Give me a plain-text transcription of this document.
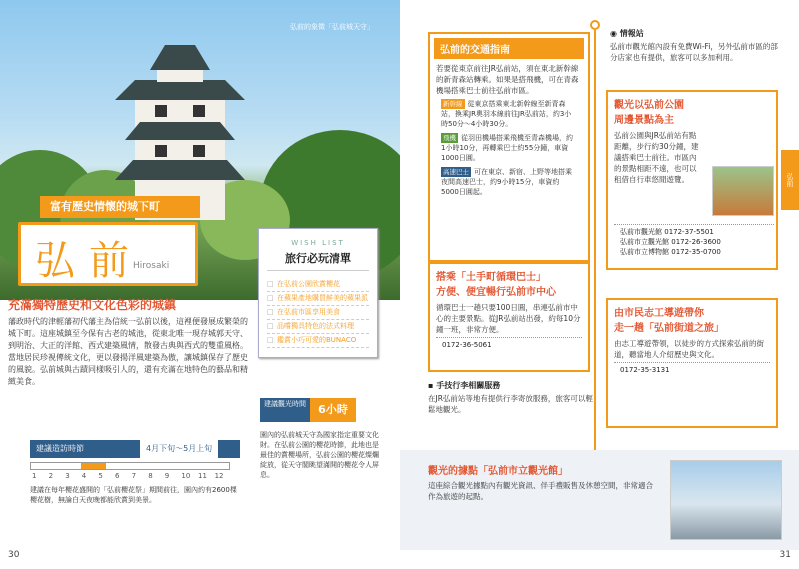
弘前的象徵「弘前城天守」
富有歷史情懷的城下町
弘前
Hirosaki
WISH LIST
旅行必玩清單
□ 在弘前公園欣賞櫻花
□ 在蘋果產地購買鮮美的蘋果派
□ 在弘前市區享用美食
□ 品嚐獨具特色的法式料理
□ 鑑賞小巧可愛的BUNACO
充滿獨特歷史和文化色彩的城鎮
藩政時代的津輕藩初代藩主為信統一弘前以後，這裡便發展成繁榮的城下町。這座城鎮至今保有古老的城池，從東北唯一現存城郭天守、到明治、大正的洋館、西式建築風情，散發古典與西式的雙重風格。當地居民珍視傳統文化，更以發揚洋風建築為傲，讓城鎮保存了歷史的風貌。弘前城與古蹟同樣吸引人的，還有充滿在地特色的藝品和精緻美食。
建議觀光時間	6小時
建議造訪時節	4月下旬～5月上旬
1 2 3 4 5 6 7 8 9 10 11 12
園內的弘前城天守為國家指定重要文化財。在弘前公園的櫻花時節，此地也是最佳的賞櫻場所，弘前公園的櫻花燦爛綻放，從天守閣眺望滿開的櫻花令人屏息。
建議在每年櫻花盛開的「弘前櫻花祭」期間前往，園內約有2600棵櫻花樹，無論白天夜晚都能欣賞到美景。
30
弘前的交通指南
若要從東京前往JR弘前站，須在東北新幹線的新青森站轉乘。如果是搭飛機，可在青森機場搭乘巴士前往弘前市區。
新幹線 從東京搭乘東北新幹線至新青森站，換乘JR奧羽本線前往JR弘前站，約3小時50分～4小時30分。
飛機 從羽田機場搭乘飛機至青森機場，約1小時10分，再轉乘巴士約55分鐘，車資1000日圓。
高速巴士 可在東京、新宿、上野等地搭乘夜間高速巴士，約9小時15分，車資約5000日圓起。
◉ 情報站
弘前市觀光館內設有免費Wi-Fi，另外弘前市區的部分店家也有提供，旅客可以多加利用。
觀光以弘前公園
周邊景點為主
弘前公園與JR弘前站有點距離，步行約30分鐘，建議搭乘巴士前往。市區內的景點相距不遠，也可以租借自行車悠閒遊覽。
弘前市觀光館 0172-37-5501
弘前市立觀光館 0172-26-3600
弘前市立博物館 0172-35-0700
弘前
搭乘「土手町循環巴士」
方便、便宜暢行弘前市中心
循環巴士一趟只要100日圓，串連弘前市中心的主要景點。從JR弘前站出發，約每10分鐘一班，非常方便。
0172-36-5061
由市民志工導遊帶你
走一趟「弘前街道之旅」
由志工導遊帶領，以徒步的方式探索弘前的街道，聽當地人介紹歷史與文化。
0172-35-3131
▪ 手技行李相關服務
在JR弘前站等地有提供行李寄放服務，旅客可以輕鬆地觀光。
觀光的據點「弘前市立觀光館」
這座綜合觀光據點內有觀光資訊、伴手禮販售及休憩空間，非常適合作為旅遊的起點。
31
